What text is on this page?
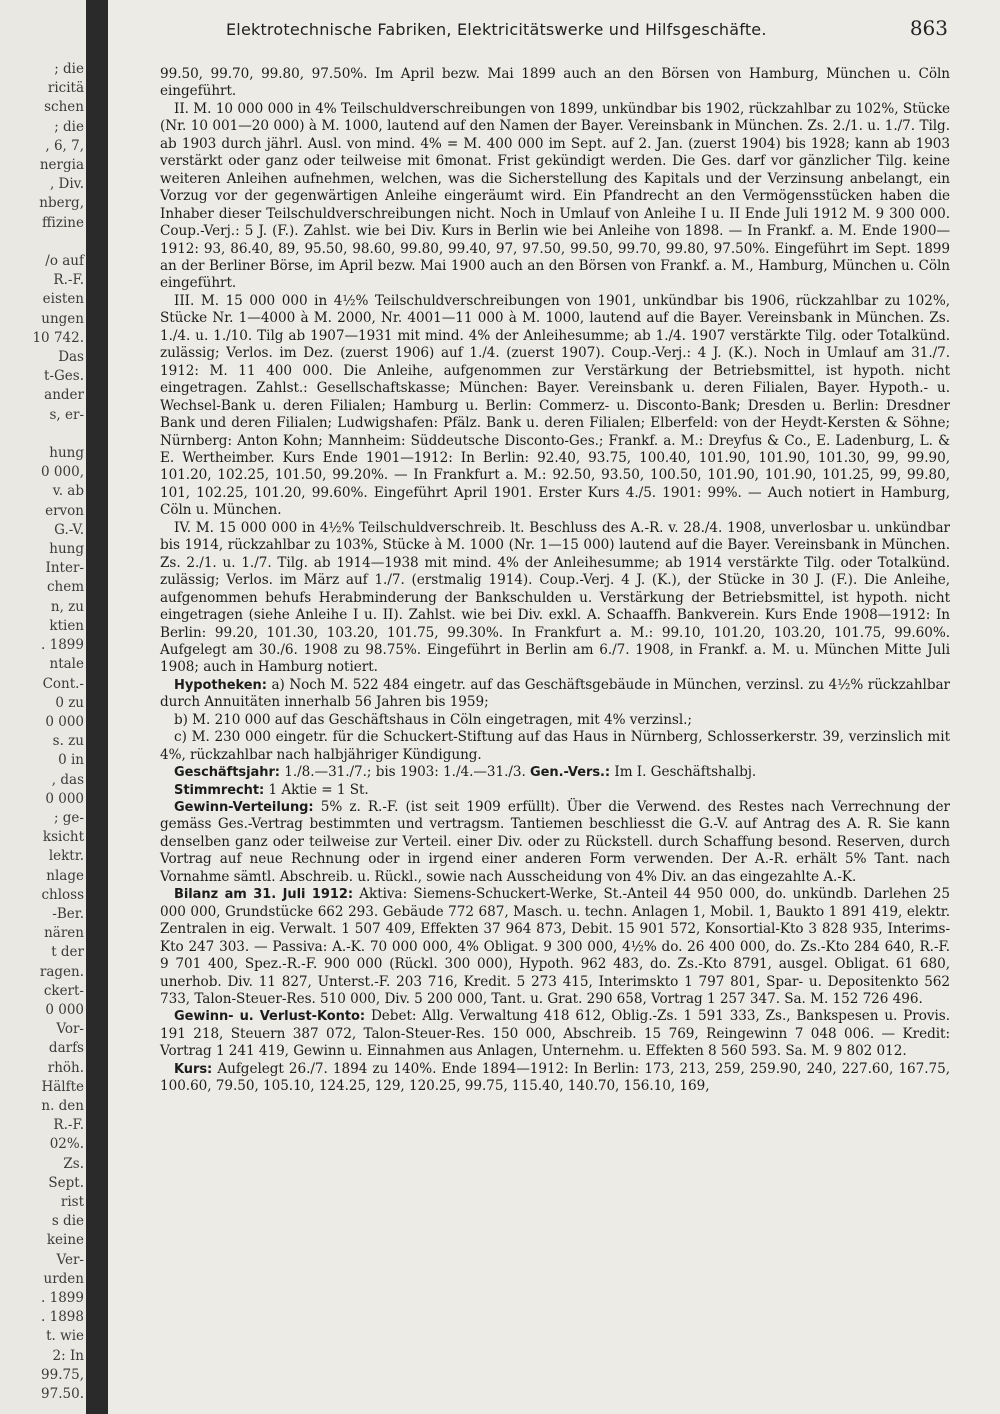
; die
ricitä
schen
; die
, 6, 7,
nergia
, Div.
nberg,
ffizine

/o auf
R.-F.
eisten
ungen
10 742.
Das
t-Ges.
ander
s, er-

hung
0 000,
v. ab
ervon
G.-V.
hung
Inter-
chem
n, zu
ktien
. 1899
ntale
Cont.-
0 zu
0 000
s. zu
0 in
, das
0 000
; ge-
ksicht
lektr.
nlage
chloss
-Ber.
nären
t der
ragen.
ckert-
0 000
Vor-
darfs
rhöh.
Hälfte
n. den
R.-F.
02%.
Zs.
Sept.
rist
s die
keine
Ver-
urden
. 1899
. 1898
t. wie
2: In
99.75,
97.50.
Elektrotechnische Fabriken, Elektricitätswerke und Hilfsgeschäfte.	863

99.50, 99.70, 99.80, 97.50%. Im April bezw. Mai 1899 auch an den Börsen von Hamburg, München u. Cöln eingeführt.

II. M. 10 000 000 in 4% Teilschuldverschreibungen von 1899, unkündbar bis 1902, rückzahlbar zu 102%, Stücke (Nr. 10 001—20 000) à M. 1000, lautend auf den Namen der Bayer. Vereinsbank in München. Zs. 2./1. u. 1./7. Tilg. ab 1903 durch jährl. Ausl. von mind. 4% = M. 400 000 im Sept. auf 2. Jan. (zuerst 1904) bis 1928; kann ab 1903 verstärkt oder ganz oder teilweise mit 6monat. Frist gekündigt werden. Die Ges. darf vor gänzlicher Tilg. keine weiteren Anleihen aufnehmen, welchen, was die Sicherstellung des Kapitals und der Verzinsung anbelangt, ein Vorzug vor der gegenwärtigen Anleihe eingeräumt wird. Ein Pfandrecht an den Vermögensstücken haben die Inhaber dieser Teilschuldverschreibungen nicht. Noch in Umlauf von Anleihe I u. II Ende Juli 1912 M. 9 300 000. Coup.-Verj.: 5 J. (F.). Zahlst. wie bei Div. Kurs in Berlin wie bei Anleihe von 1898. — In Frankf. a. M. Ende 1900—1912: 93, 86.40, 89, 95.50, 98.60, 99.80, 99.40, 97, 97.50, 99.50, 99.70, 99.80, 97.50%. Eingeführt im Sept. 1899 an der Berliner Börse, im April bezw. Mai 1900 auch an den Börsen von Frankf. a. M., Hamburg, München u. Cöln eingeführt.

III. M. 15 000 000 in 4½% Teilschuldverschreibungen von 1901, unkündbar bis 1906, rückzahlbar zu 102%, Stücke Nr. 1—4000 à M. 2000, Nr. 4001—11 000 à M. 1000, lautend auf die Bayer. Vereinsbank in München. Zs. 1./4. u. 1./10. Tilg ab 1907—1931 mit mind. 4% der Anleihesumme; ab 1./4. 1907 verstärkte Tilg. oder Totalkünd. zulässig; Verlos. im Dez. (zuerst 1906) auf 1./4. (zuerst 1907). Coup.-Verj.: 4 J. (K.). Noch in Umlauf am 31./7. 1912: M. 11 400 000. Die Anleihe, aufgenommen zur Verstärkung der Betriebsmittel, ist hypoth. nicht eingetragen. Zahlst.: Gesellschaftskasse; München: Bayer. Vereinsbank u. deren Filialen, Bayer. Hypoth.- u. Wechsel-Bank u. deren Filialen; Hamburg u. Berlin: Commerz- u. Disconto-Bank; Dresden u. Berlin: Dresdner Bank und deren Filialen; Ludwigshafen: Pfälz. Bank u. deren Filialen; Elberfeld: von der Heydt-Kersten & Söhne; Nürnberg: Anton Kohn; Mannheim: Süddeutsche Disconto-Ges.; Frankf. a. M.: Dreyfus & Co., E. Ladenburg, L. & E. Wertheimber. Kurs Ende 1901—1912: In Berlin: 92.40, 93.75, 100.40, 101.90, 101.90, 101.30, 99, 99.90, 101.20, 102.25, 101.50, 99.20%. — In Frankfurt a. M.: 92.50, 93.50, 100.50, 101.90, 101.90, 101.25, 99, 99.80, 101, 102.25, 101.20, 99.60%. Eingeführt April 1901. Erster Kurs 4./5. 1901: 99%. — Auch notiert in Hamburg, Cöln u. München.

IV. M. 15 000 000 in 4½% Teilschuldverschreib. lt. Beschluss des A.-R. v. 28./4. 1908, unverlosbar u. unkündbar bis 1914, rückzahlbar zu 103%, Stücke à M. 1000 (Nr. 1—15 000) lautend auf die Bayer. Vereinsbank in München. Zs. 2./1. u. 1./7. Tilg. ab 1914—1938 mit mind. 4% der Anleihesumme; ab 1914 verstärkte Tilg. oder Totalkünd. zulässig; Verlos. im März auf 1./7. (erstmalig 1914). Coup.-Verj. 4 J. (K.), der Stücke in 30 J. (F.). Die Anleihe, aufgenommen behufs Herabminderung der Bankschulden u. Verstärkung der Betriebsmittel, ist hypoth. nicht eingetragen (siehe Anleihe I u. II). Zahlst. wie bei Div. exkl. A. Schaaffh. Bankverein. Kurs Ende 1908—1912: In Berlin: 99.20, 101.30, 103.20, 101.75, 99.30%. In Frankfurt a. M.: 99.10, 101.20, 103.20, 101.75, 99.60%. Aufgelegt am 30./6. 1908 zu 98.75%. Eingeführt in Berlin am 6./7. 1908, in Frankf. a. M. u. München Mitte Juli 1908; auch in Hamburg notiert.

Hypotheken: a) Noch M. 522 484 eingetr. auf das Geschäftsgebäude in München, verzinsl. zu 4½% rückzahlbar durch Annuitäten innerhalb 56 Jahren bis 1959;

b) M. 210 000 auf das Geschäftshaus in Cöln eingetragen, mit 4% verzinsl.;

c) M. 230 000 eingetr. für die Schuckert-Stiftung auf das Haus in Nürnberg, Schlosserkerstr. 39, verzinslich mit 4%, rückzahlbar nach halbjähriger Kündigung.

Geschäftsjahr: 1./8.—31./7.; bis 1903: 1./4.—31./3. Gen.-Vers.: Im I. Geschäftshalbj.

Stimmrecht: 1 Aktie = 1 St.

Gewinn-Verteilung: 5% z. R.-F. (ist seit 1909 erfüllt). Über die Verwend. des Restes nach Verrechnung der gemäss Ges.-Vertrag bestimmten und vertragsm. Tantiemen beschliesst die G.-V. auf Antrag des A. R. Sie kann denselben ganz oder teilweise zur Verteil. einer Div. oder zu Rückstell. durch Schaffung besond. Reserven, durch Vortrag auf neue Rechnung oder in irgend einer anderen Form verwenden. Der A.-R. erhält 5% Tant. nach Vornahme sämtl. Abschreib. u. Rückl., sowie nach Ausscheidung von 4% Div. an das eingezahlte A.-K.

Bilanz am 31. Juli 1912: Aktiva: Siemens-Schuckert-Werke, St.-Anteil 44 950 000, do. unkündb. Darlehen 25 000 000, Grundstücke 662 293. Gebäude 772 687, Masch. u. techn. Anlagen 1, Mobil. 1, Baukto 1 891 419, elektr. Zentralen in eig. Verwalt. 1 507 409, Effekten 37 964 873, Debit. 15 901 572, Konsortial-Kto 3 828 935, Interims-Kto 247 303. — Passiva: A.-K. 70 000 000, 4% Obligat. 9 300 000, 4½% do. 26 400 000, do. Zs.-Kto 284 640, R.-F. 9 701 400, Spez.-R.-F. 900 000 (Rückl. 300 000), Hypoth. 962 483, do. Zs.-Kto 8791, ausgel. Obligat. 61 680, unerhob. Div. 11 827, Unterst.-F. 203 716, Kredit. 5 273 415, Interimskto 1 797 801, Spar- u. Depositenkto 562 733, Talon-Steuer-Res. 510 000, Div. 5 200 000, Tant. u. Grat. 290 658, Vortrag 1 257 347. Sa. M. 152 726 496.

Gewinn- u. Verlust-Konto: Debet: Allg. Verwaltung 418 612, Oblig.-Zs. 1 591 333, Zs., Bankspesen u. Provis. 191 218, Steuern 387 072, Talon-Steuer-Res. 150 000, Abschreib. 15 769, Reingewinn 7 048 006. — Kredit: Vortrag 1 241 419, Gewinn u. Einnahmen aus Anlagen, Unternehm. u. Effekten 8 560 593. Sa. M. 9 802 012.

Kurs: Aufgelegt 26./7. 1894 zu 140%. Ende 1894—1912: In Berlin: 173, 213, 259, 259.90, 240, 227.60, 167.75, 100.60, 79.50, 105.10, 124.25, 129, 120.25, 99.75, 115.40, 140.70, 156.10, 169,
